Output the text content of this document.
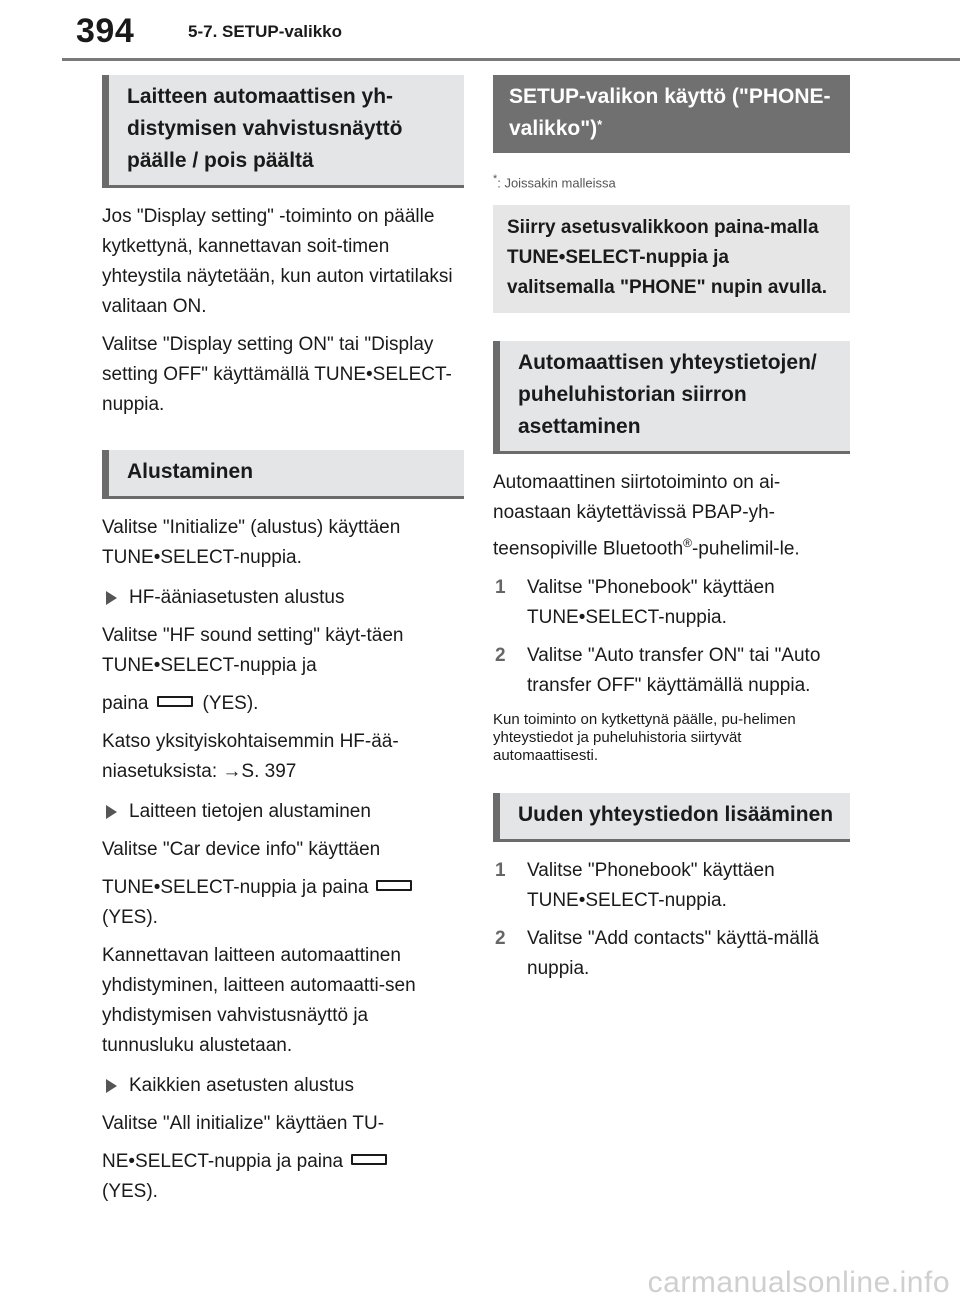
394	5-7. SETUP-valikko
Laitteen automaattisen yh-distymisen vahvistusnäyttö päälle / pois päältä

Jos "Display setting" -toiminto on päälle kytkettynä, kannettavan soit-timen yhteystila näytetään, kun auton virtatilaksi valitaan ON.

Valitse "Display setting ON" tai "Display setting OFF" käyttämällä TUNE•SELECT-nuppia.

Alustaminen

Valitse "Initialize" (alustus) käyttäen TUNE•SELECT-nuppia.

HF-ääniasetusten alustus

Valitse "HF sound setting" käyt-täen TUNE•SELECT-nuppia ja

paina	(YES).

Katso yksityiskohtaisemmin HF-ää-niasetuksista: →S. 397

Laitteen tietojen alustaminen

Valitse "Car device info" käyttäen

TUNE•SELECT-nuppia ja paina
(YES).

Kannettavan laitteen automaattinen yhdistyminen, laitteen automaatti-sen yhdistymisen vahvistusnäyttö ja tunnusluku alustetaan.

Kaikkien asetusten alustus

Valitse "All initialize" käyttäen TU-

NE•SELECT-nuppia ja paina
(YES).

SETUP-valikon käyttö ("PHONE-valikko")*

*: Joissakin malleissa

Siirry asetusvalikkoon paina-malla TUNE•SELECT-nuppia ja valitsemalla "PHONE" nupin avulla.
Automaattisen yhteystietojen/ puheluhistorian siirron asettaminen

Automaattinen siirtotoiminto on ai-noastaan käytettävissä PBAP-yh-teensopiville Bluetooth®-puhelimil-le.

1	Valitse "Phonebook" käyttäen TUNE•SELECT-nuppia.
2	Valitse "Auto transfer ON" tai "Auto transfer OFF" käyttämällä nuppia.

Kun toiminto on kytkettynä päälle, pu-helimen yhteystiedot ja puheluhistoria siirtyvät automaattisesti.

Uuden yhteystiedon lisääminen
1	Valitse "Phonebook" käyttäen TUNE•SELECT-nuppia.
2	Valitse "Add contacts" käyttä-mällä nuppia.
carmanualsonline.info
